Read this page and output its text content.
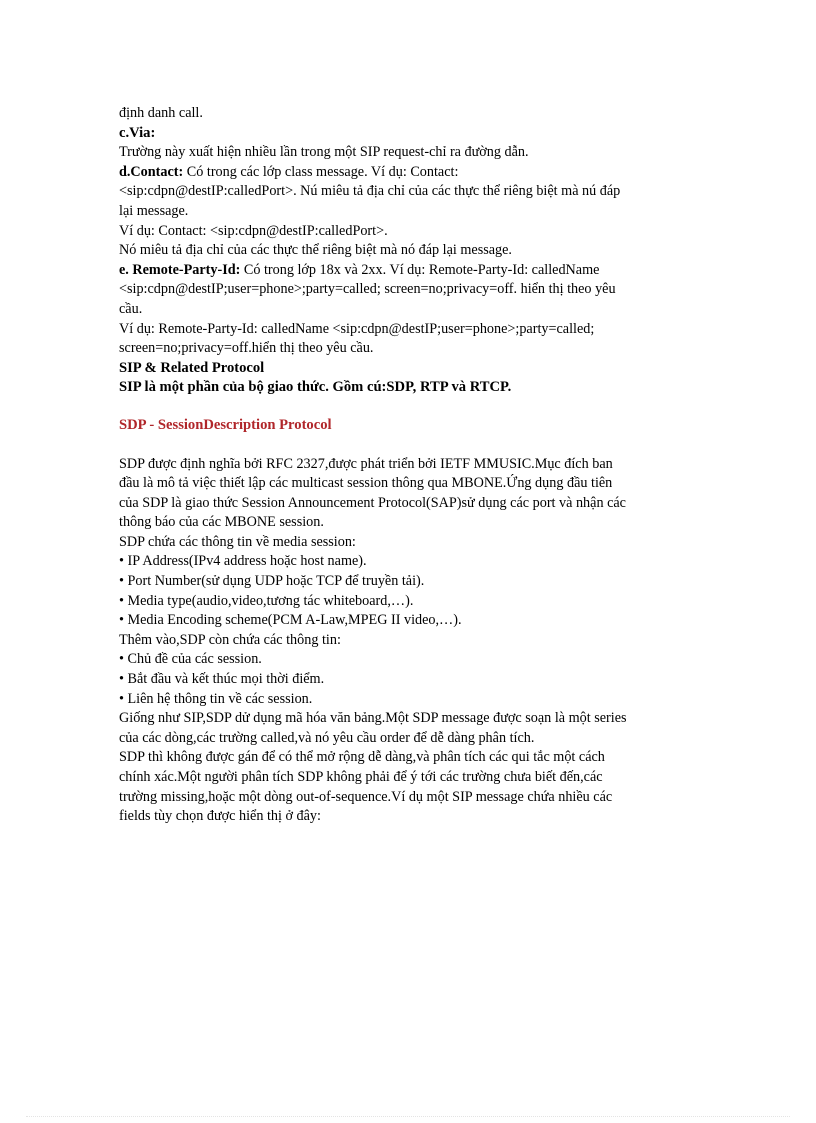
định danh call.
c.Via:
Trường này xuất hiện nhiều lần trong một SIP request-chỉ ra đường dẫn.
d.Contact: Có trong các lớp class message. Ví dụ: Contact:
<sip:cdpn@destIP:calledPort>. Nú miêu tả địa chỉ của các thực thể riêng biệt mà nú đáp
lại message.
Ví dụ: Contact: <sip:cdpn@destIP:calledPort>.
Nó miêu tả địa chỉ của các thực thể riêng biệt mà nó đáp lại message.
e. Remote-Party-Id: Có trong lớp 18x và 2xx. Ví dụ: Remote-Party-Id: calledName
<sip:cdpn@destIP;user=phone>;party=called; screen=no;privacy=off. hiển thị theo yêu
cầu.
Ví dụ: Remote-Party-Id: calledName <sip:cdpn@destIP;user=phone>;party=called;
screen=no;privacy=off.hiển thị theo yêu cầu.
SIP & Related Protocol
SIP là một phần của bộ giao thức. Gồm cú:SDP, RTP và RTCP.
SDP - SessionDescription Protocol
SDP được định nghĩa bởi RFC 2327,được phát triển bởi IETF MMUSIC.Mục đích ban
đầu là mô tả việc thiết lập các multicast session thông qua MBONE.Ứng dụng đầu tiên
của SDP là giao thức Session Announcement Protocol(SAP)sử dụng các port và nhận các
thông báo của các MBONE session.
SDP chứa các thông tin về media session:
• IP Address(IPv4 address hoặc host name).
• Port Number(sử dụng UDP hoặc TCP để truyền tải).
• Media type(audio,video,tương tác whiteboard,…).
• Media Encoding scheme(PCM A-Law,MPEG II video,…).
Thêm vào,SDP còn chứa các thông tin:
• Chủ đề của các session.
• Bắt đầu và kết thúc mọi thời điểm.
• Liên hệ thông tin về các session.
Giống như SIP,SDP dử dụng mã hóa văn bảng.Một SDP message được soạn là một series
của các dòng,các trường called,và nó yêu cầu order để dễ dàng phân tích.
SDP thì không được gán để có thể mở rộng dễ dàng,và phân tích các qui tắc một cách
chính xác.Một người phân tích SDP không phải để ý tới các trường chưa biết đến,các
trường missing,hoặc một dòng out-of-sequence.Ví dụ một SIP message chứa nhiều các
fields tùy chọn được hiển thị ở đây:
